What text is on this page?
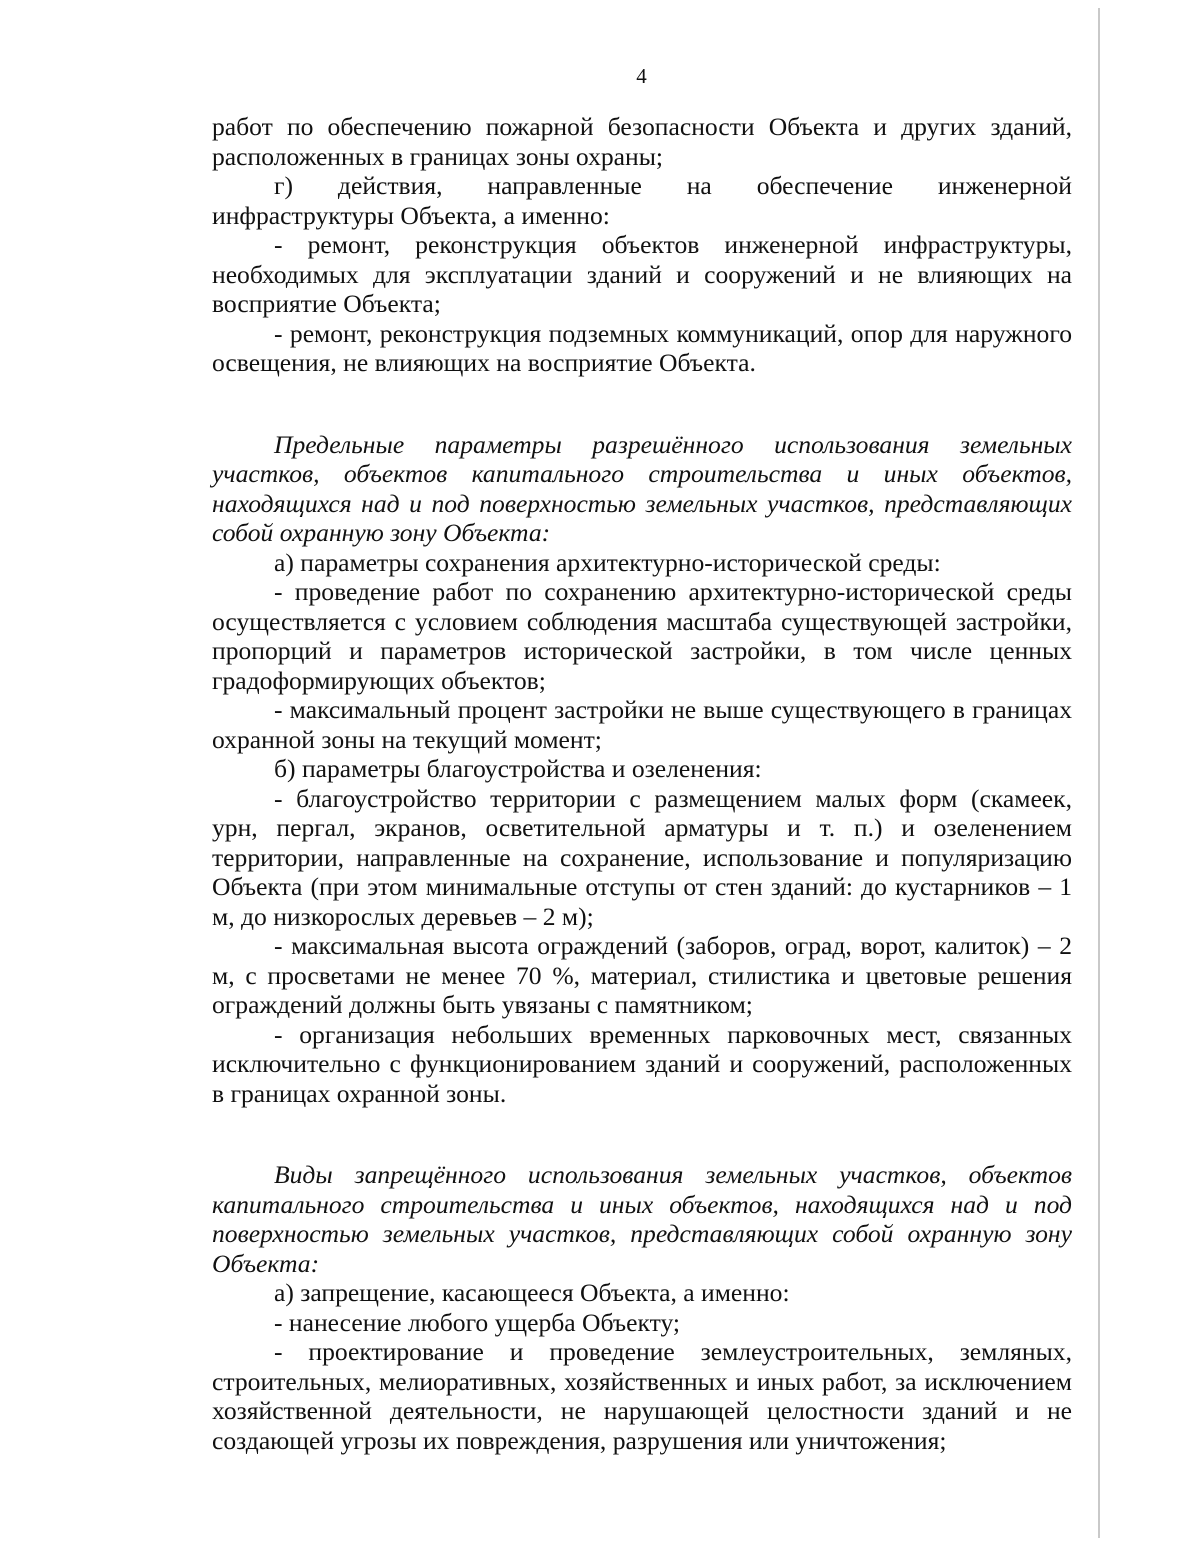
4

работ по обеспечению пожарной безопасности Объекта и других зданий, расположенных в границах зоны охраны;

г) действия, направленные на обеспечение инженерной

инфраструктуры Объекта, а именно:

- ремонт, реконструкция объектов инженерной инфраструктуры, необходимых для эксплуатации зданий и сооружений и не влияющих на восприятие Объекта;

- ремонт, реконструкция подземных коммуникаций, опор для наружного освещения, не влияющих на восприятие Объекта.

Предельные параметры разрешённого использования земельных участков, объектов капитального строительства и иных объектов, находящихся над и под поверхностью земельных участков, представляющих собой охранную зону Объекта:

а) параметры сохранения архитектурно-исторической среды:

- проведение работ по сохранению архитектурно-исторической среды осуществляется с условием соблюдения масштаба существующей застройки, пропорций и параметров исторической застройки, в том числе ценных градоформирующих объектов;

- максимальный процент застройки не выше существующего в границах охранной зоны на текущий момент;

б) параметры благоустройства и озеленения:

- благоустройство территории с размещением малых форм (скамеек, урн, пергал, экранов, осветительной арматуры и т. п.) и озеленением территории, направленные на сохранение, использование и популяризацию Объекта (при этом минимальные отступы от стен зданий: до кустарников – 1 м, до низкорослых деревьев – 2 м);

- максимальная высота ограждений (заборов, оград, ворот, калиток) – 2 м, с просветами не менее 70 %, материал, стилистика и цветовые решения ограждений должны быть увязаны с памятником;

- организация небольших временных парковочных мест, связанных исключительно с функционированием зданий и сооружений, расположенных в границах охранной зоны.

Виды запрещённого использования земельных участков, объектов капитального строительства и иных объектов, находящихся над и под поверхностью земельных участков, представляющих собой охранную зону Объекта:

а) запрещение, касающееся Объекта, а именно:

- нанесение любого ущерба Объекту;

- проектирование и проведение землеустроительных, земляных, строительных, мелиоративных, хозяйственных и иных работ, за исключением хозяйственной деятельности, не нарушающей целостности зданий и не создающей угрозы их повреждения, разрушения или уничтожения;
